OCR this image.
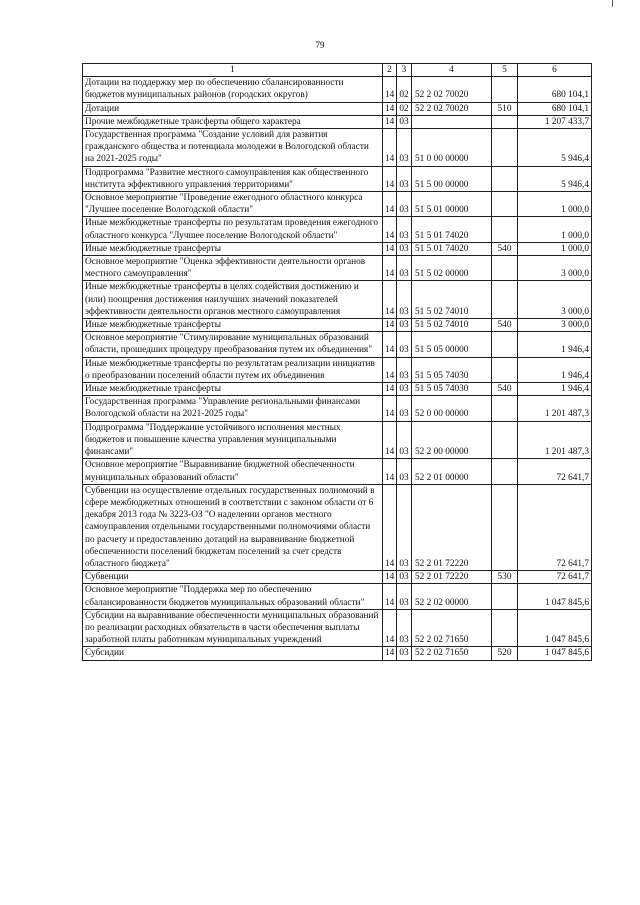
79
1	2	3	4	5	6
Дотации на поддержку мер по обеспечению сбалансированности бюджетов муниципальных районов (городских округов)	14	02	52 2 02 70020		680 104,1
Дотации	14	02	52 2 02 70020	510	680 104,1
Прочие межбюджетные трансферты общего характера	14	03			1 207 433,7
Государственная программа "Создание условий для развития гражданского общества и потенциала молодежи в Вологодской области на 2021-2025 годы"	14	03	51 0 00 00000		5 946,4
Подпрограмма "Развитие местного самоуправления как общественного института эффективного управления территориями"	14	03	51 5 00 00000		5 946,4
Основное мероприятие "Проведение ежегодного областного конкурса "Лучшее поселение Вологодской области"	14	03	51 5 01 00000		1 000,0
Иные межбюджетные трансферты по результатам проведения ежегодного областного конкурса "Лучшее поселение Вологодской области"	14	03	51 5 01 74020		1 000,0
Иные межбюджетные трансферты	14	03	51 5 01 74020	540	1 000,0
Основное мероприятие "Оценка эффективности деятельности органов местного самоуправления"	14	03	51 5 02 00000		3 000,0
Иные межбюджетные трансферты в целях содействия достижению и (или) поощрения достижения наилучших значений показателей эффективности деятельности органов местного самоуправления	14	03	51 5 02 74010		3 000,0
Иные межбюджетные трансферты	14	03	51 5 02 74010	540	3 000,0
Основное мероприятие "Стимулирование муниципальных образований области, прошедших процедуру преобразования путем их объединения"	14	03	51 5 05 00000		1 946,4
Иные межбюджетные трансферты по результатам реализации инициатив о преобразовании поселений области путем их объединения	14	03	51 5 05 74030		1 946,4
Иные межбюджетные трансферты	14	03	51 5 05 74030	540	1 946,4
Государственная программа "Управление региональными финансами Вологодской области на 2021-2025 годы"	14	03	52 0 00 00000		1 201 487,3
Подпрограмма "Поддержание устойчивого исполнения местных бюджетов и повышение качества управления муниципальными финансами"	14	03	52 2 00 00000		1 201 487,3
Основное мероприятие "Выравнивание бюджетной обеспеченности муниципальных образований области"	14	03	52 2 01 00000		72 641,7
Субвенции на осуществление отдельных государственных полномочий в сфере межбюджетных отношений в соответствии с законом области от 6 декабря 2013 года № 3223-ОЗ "О наделении органов местного самоуправления отдельными государственными полномочиями области по расчету и предоставлению дотаций на выравнивание бюджетной обеспеченности поселений бюджетам поселений за счет средств областного бюджета"	14	03	52 2 01 72220		72 641,7
Субвенции	14	03	52 2 01 72220	530	72 641,7
Основное мероприятие "Поддержка мер по обеспечению сбалансированности бюджетов муниципальных образований области"	14	03	52 2 02 00000		1 047 845,6
Субсидии на выравнивание обеспеченности муниципальных образований по реализации расходных обязательств в части обеспечения выплаты заработной платы работникам муниципальных учреждений	14	03	52 2 02 71650		1 047 845,6
Субсидии	14	03	52 2 02 71650	520	1 047 845,6
